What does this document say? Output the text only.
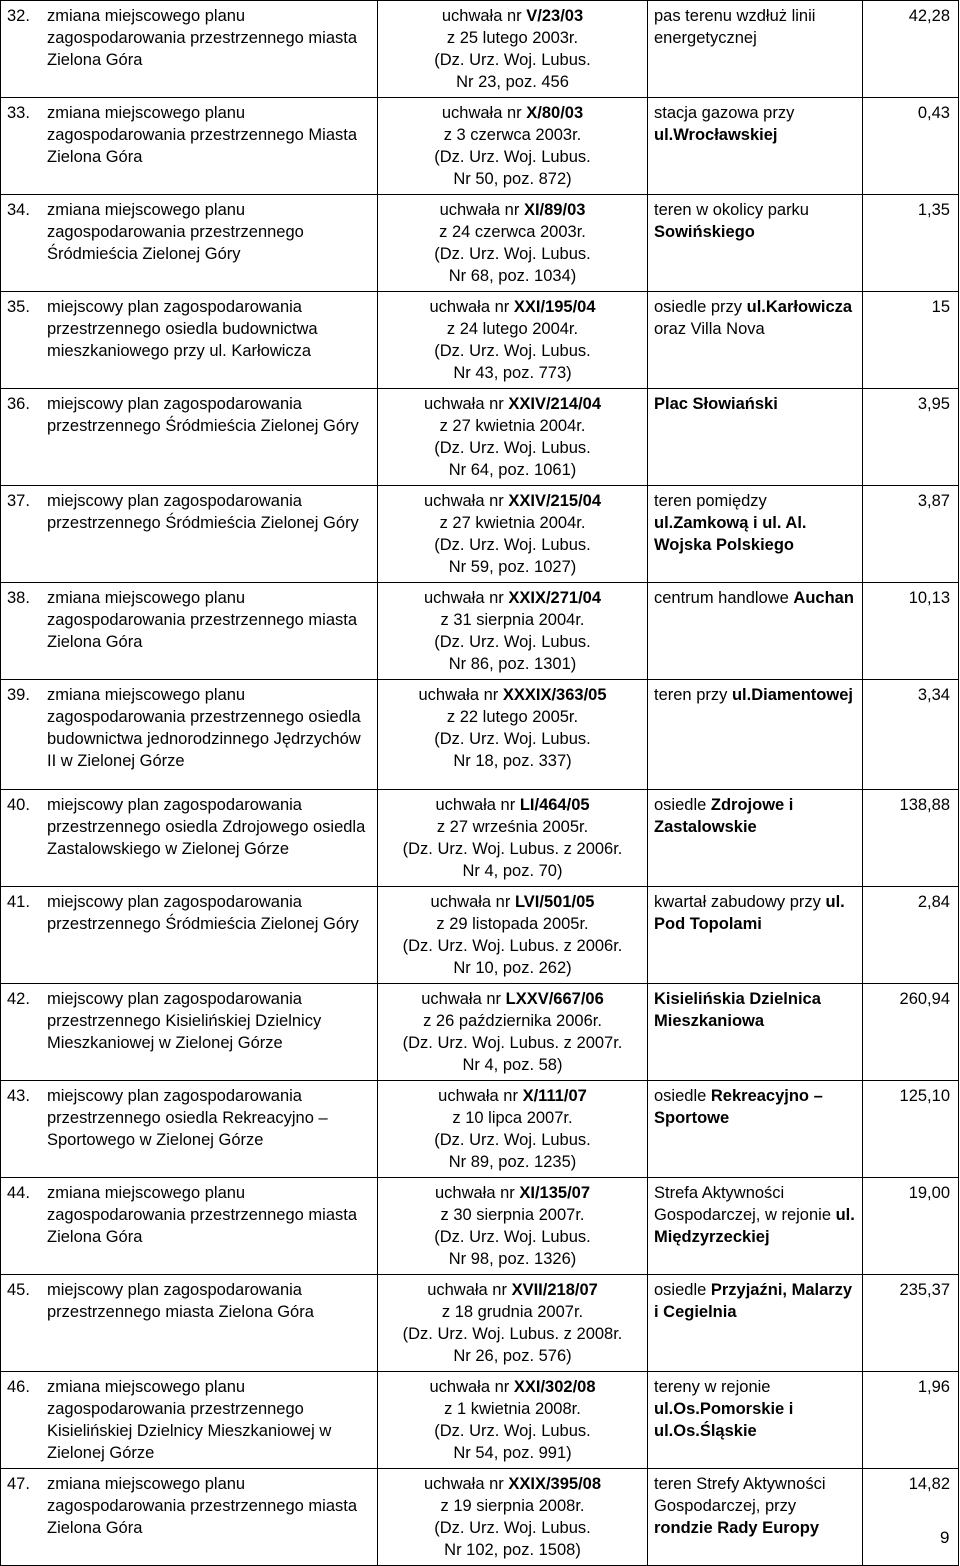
32. zmiana miejscowego planu zagospodarowania przestrzennego miasta Zielona Góra	uchwała nr V/23/03
z 25 lutego 2003r.
(Dz. Urz. Woj. Lubus.
Nr 23, poz. 456	pas terenu wzdłuż linii energetycznej	42,28

33. zmiana miejscowego planu zagospodarowania przestrzennego Miasta Zielona Góra	uchwała nr X/80/03
z 3 czerwca 2003r.
(Dz. Urz. Woj. Lubus.
Nr 50, poz. 872)	stacja gazowa przy ul.Wrocławskiej	0,43

34. zmiana miejscowego planu zagospodarowania przestrzennego Śródmieścia Zielonej Góry	uchwała nr XI/89/03
z 24 czerwca 2003r.
(Dz. Urz. Woj. Lubus.
Nr 68, poz. 1034)	teren w okolicy parku Sowińskiego	1,35

35. miejscowy plan zagospodarowania przestrzennego osiedla budownictwa mieszkaniowego przy ul. Karłowicza	uchwała nr XXI/195/04
z 24 lutego 2004r.
(Dz. Urz. Woj. Lubus.
Nr 43, poz. 773)	osiedle przy ul.Karłowicza oraz Villa Nova	15

36. miejscowy plan zagospodarowania przestrzennego Śródmieścia Zielonej Góry	uchwała nr XXIV/214/04
z 27 kwietnia 2004r.
(Dz. Urz. Woj. Lubus.
Nr 64, poz. 1061)	Plac Słowiański	3,95

37. miejscowy plan zagospodarowania przestrzennego Śródmieścia Zielonej Góry	uchwała nr XXIV/215/04
z 27 kwietnia 2004r.
(Dz. Urz. Woj. Lubus.
Nr 59, poz. 1027)	teren pomiędzy ul.Zamkową i ul. Al. Wojska Polskiego	3,87

38. zmiana miejscowego planu zagospodarowania przestrzennego miasta Zielona Góra	uchwała nr XXIX/271/04
z 31 sierpnia 2004r.
(Dz. Urz. Woj. Lubus.
Nr 86, poz. 1301)	centrum handlowe Auchan	10,13

39. zmiana miejscowego planu zagospodarowania przestrzennego osiedla budownictwa jednorodzinnego Jędrzychów II w Zielonej Górze	uchwała nr XXXIX/363/05
z 22 lutego 2005r.
(Dz. Urz. Woj. Lubus.
Nr 18, poz. 337)	teren przy ul.Diamentowej	3,34

40. miejscowy plan zagospodarowania przestrzennego osiedla Zdrojowego osiedla Zastalowskiego w Zielonej Górze	uchwała nr LI/464/05
z 27 września 2005r.
(Dz. Urz. Woj. Lubus. z 2006r.
Nr 4, poz. 70)	osiedle Zdrojowe i Zastalowskie	138,88

41. miejscowy plan zagospodarowania przestrzennego Śródmieścia Zielonej Góry	uchwała nr LVI/501/05
z 29 listopada 2005r.
(Dz. Urz. Woj. Lubus. z 2006r.
Nr 10, poz. 262)	kwartał zabudowy przy ul. Pod Topolami	2,84

42. miejscowy plan zagospodarowania przestrzennego Kisielińskiej Dzielnicy Mieszkaniowej w Zielonej Górze	uchwała nr LXXV/667/06
z 26 października 2006r.
(Dz. Urz. Woj. Lubus. z 2007r.
Nr 4, poz. 58)	Kisielińskia Dzielnica Mieszkaniowa	260,94

43. miejscowy plan zagospodarowania przestrzennego osiedla Rekreacyjno – Sportowego w Zielonej Górze	uchwała nr X/111/07
z 10 lipca 2007r.
(Dz. Urz. Woj. Lubus.
Nr 89, poz. 1235)	osiedle Rekreacyjno – Sportowe	125,10

44. zmiana miejscowego planu zagospodarowania przestrzennego miasta Zielona Góra	uchwała nr XI/135/07
z 30 sierpnia 2007r.
(Dz. Urz. Woj. Lubus.
Nr 98, poz. 1326)	Strefa Aktywności Gospodarczej, w rejonie ul. Międzyrzeckiej	19,00

45. miejscowy plan zagospodarowania przestrzennego miasta Zielona Góra	uchwała nr XVII/218/07
z 18 grudnia 2007r.
(Dz. Urz. Woj. Lubus. z 2008r.
Nr 26, poz. 576)	osiedle Przyjaźni, Malarzy i Cegielnia	235,37

46. zmiana miejscowego planu zagospodarowania przestrzennego Kisielińskiej Dzielnicy Mieszkaniowej w Zielonej Górze	uchwała nr XXI/302/08
z 1 kwietnia 2008r.
(Dz. Urz. Woj. Lubus.
Nr 54, poz. 991)	tereny w rejonie ul.Os.Pomorskie i ul.Os.Śląskie	1,96

47. zmiana miejscowego planu zagospodarowania przestrzennego miasta Zielona Góra	uchwała nr XXIX/395/08
z 19 sierpnia 2008r.
(Dz. Urz. Woj. Lubus.
Nr 102, poz. 1508)	teren Strefy Aktywności Gospodarczej, przy rondzie Rady Europy	14,82
9
